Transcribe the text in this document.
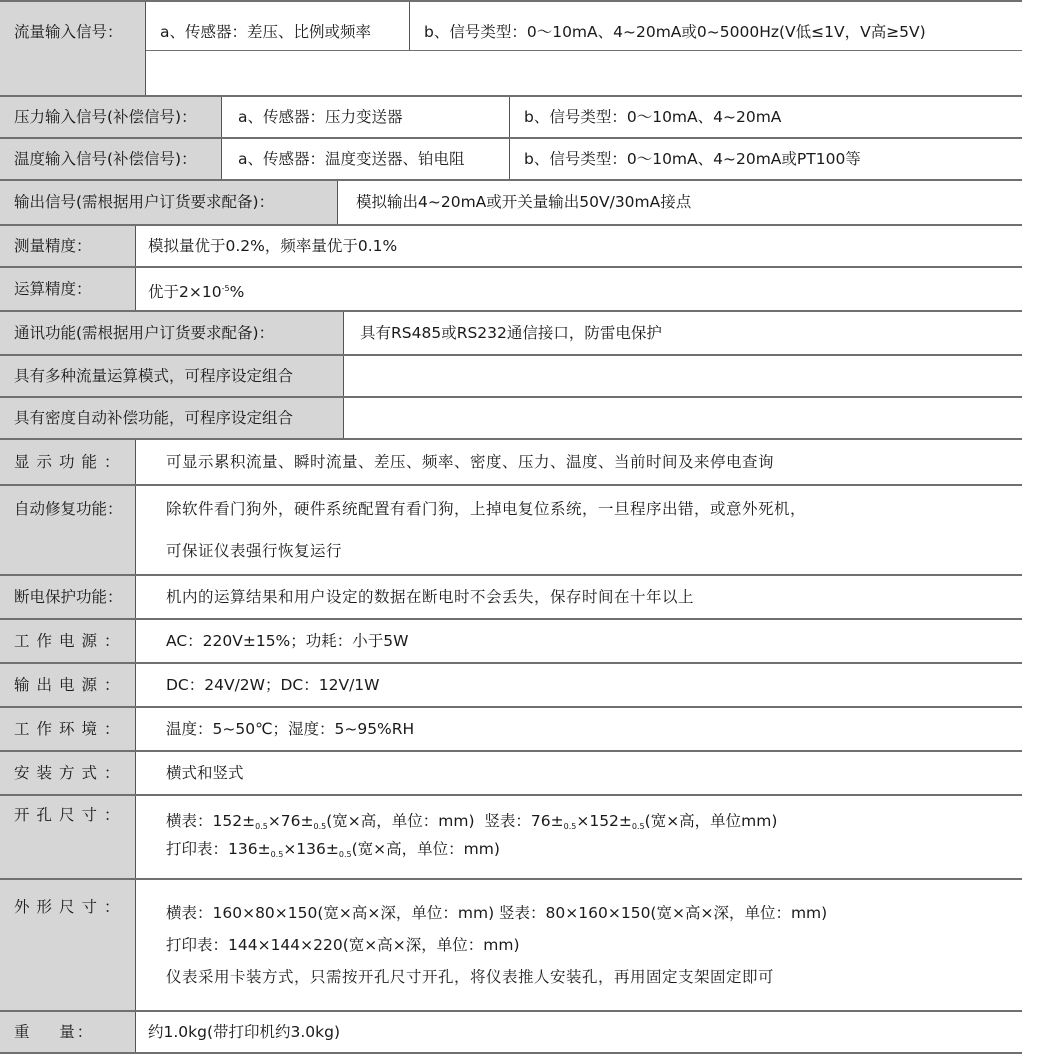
流量输入信号： a、传感器：差压、比例或频率	b、信号类型：0～10mA、4~20mA或0~5000Hz(V低≤1V，V高≥5V)
压力输入信号(补偿信号)：	a、传感器：压力变送器	b、信号类型：0～10mA、4~20mA
温度输入信号(补偿信号)：	a、传感器：温度变送器、铂电阻	b、信号类型：0～10mA、4~20mA或PT100等
输出信号(需根据用户订货要求配备)：	模拟输出4~20mA或开关量输出50V/30mA接点
测量精度：	模拟量优于0.2%，频率量优于0.1%
运算精度：	优于$2\times 10^{-5}\%$
通讯功能(需根据用户订货要求配备)：	具有RS485或RS232通信接口，防雷电保护
具有多种流量运算模式，可程序设定组合
具有密度自动补偿功能，可程序设定组合
显示功能：	可显示累积流量、瞬时流量、差压、频率、密度、压力、温度、当前时间及来停电查询
自动修复功能：	除软件看门狗外，硬件系统配置有看门狗，上掉电复位系统，一旦程序出错，或意外死机，
可保证仪表强行恢复运行
断电保护功能：	机内的运算结果和用户设定的数据在断电时不会丢失，保存时间在十年以上
工作电源：	AC：220V±15%；功耗：小于5W
输出电源：	DC：24V/2W；DC：12V/1W
工作环境：	温度：5~50℃；湿度：5~95%RH
安装方式：	横式和竖式
开孔尺寸：	横表：$152\pm_{0.5}\times 76\pm_{0.5}$(宽×高，单位：mm) 竖表：$76\pm_{0.5}\times 152\pm_{0.5}$(宽×高，单位mm)
打印表：$136\pm_{0.5}\times 136\pm_{0.5}$(宽×高，单位：mm)
外形尺寸：	横表：160×80×150(宽×高×深，单位：mm) 竖表：80×160×150(宽×高×深，单位：mm)
打印表：144×144×220(宽×高×深，单位：mm)
仪表采用卡装方式，只需按开孔尺寸开孔，将仪表推人安装孔，再用固定支架固定即可
重    量：	约1.0kg(带打印机约3.0kg)
